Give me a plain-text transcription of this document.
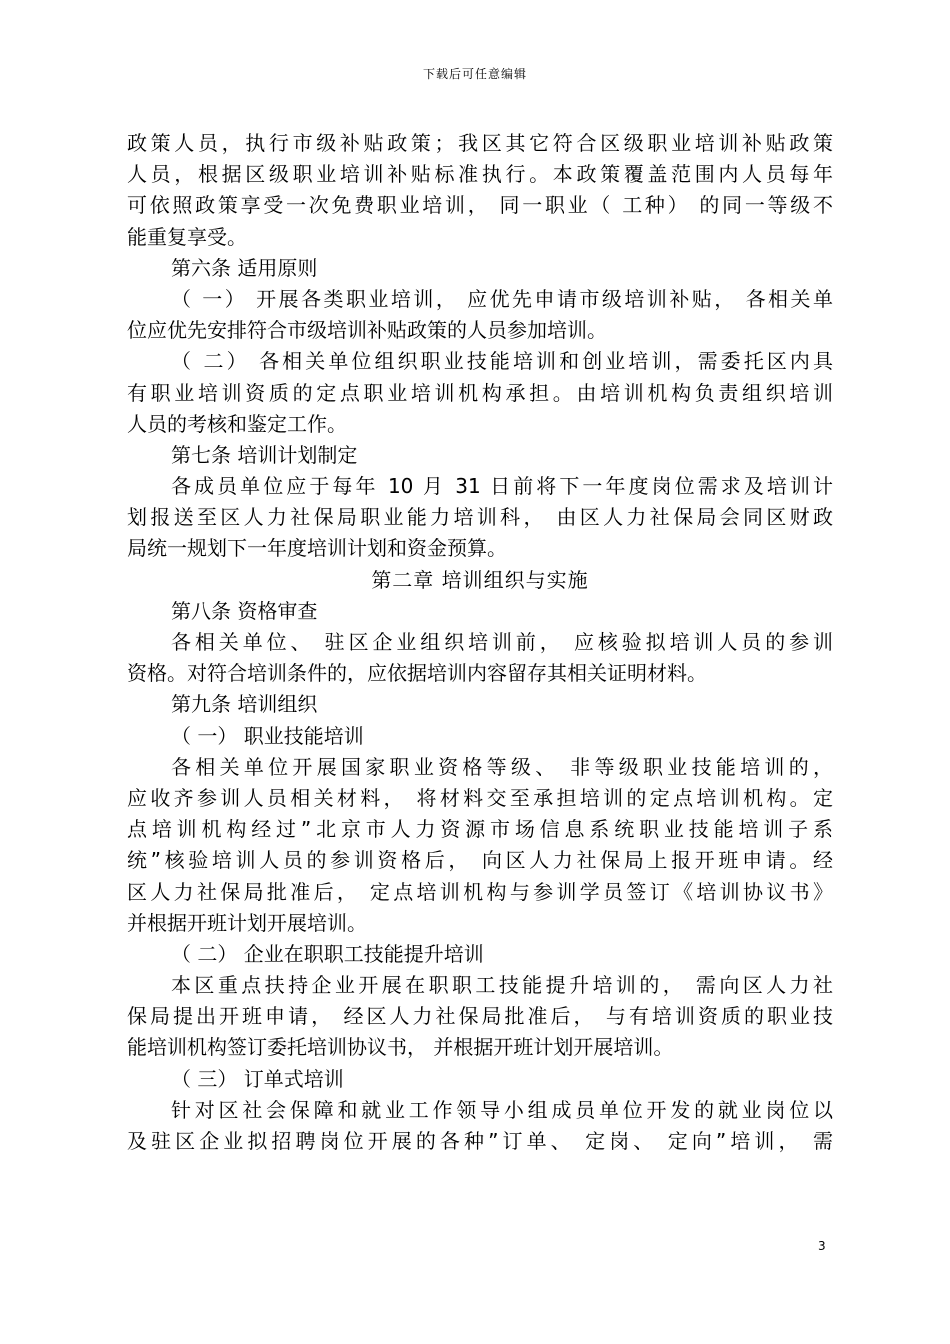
下载后可任意编辑
政策人员，执行市级补贴政策；我区其它符合区级职业培训补贴政策
人员，根据区级职业培训补贴标准执行。本政策覆盖范围内人员每年
可依照政策享受一次免费职业培训， 同一职业（ 工种） 的同一等级不
能重复享受。
第六条 适用原则
（ 一） 开展各类职业培训， 应优先申请市级培训补贴， 各相关单
位应优先安排符合市级培训补贴政策的人员参加培训。
（ 二） 各相关单位组织职业技能培训和创业培训，需委托区内具
有职业培训资质的定点职业培训机构承担。由培训机构负责组织培训
人员的考核和鉴定工作。
第七条 培训计划制定
各成员单位应于每年 10 月 31 日前将下一年度岗位需求及培训计
划报送至区人力社保局职业能力培训科， 由区人力社保局会同区财政
局统一规划下一年度培训计划和资金预算。
第二章 培训组织与实施
第八条 资格审查
各相关单位、 驻区企业组织培训前， 应核验拟培训人员的参训
资格。对符合培训条件的，应依据培训内容留存其相关证明材料。
第九条 培训组织
（ 一） 职业技能培训
各相关单位开展国家职业资格等级、 非等级职业技能培训的，
应收齐参训人员相关材料， 将材料交至承担培训的定点培训机构。定
点培训机构经过”北京市人力资源市场信息系统职业技能培训子系
统”核验培训人员的参训资格后， 向区人力社保局上报开班申请。经
区人力社保局批准后， 定点培训机构与参训学员签订《培训协议书》
并根据开班计划开展培训。
（ 二） 企业在职职工技能提升培训
本区重点扶持企业开展在职职工技能提升培训的， 需向区人力社
保局提出开班申请， 经区人力社保局批准后， 与有培训资质的职业技
能培训机构签订委托培训协议书， 并根据开班计划开展培训。
（ 三） 订单式培训
针对区社会保障和就业工作领导小组成员单位开发的就业岗位以
及驻区企业拟招聘岗位开展的各种”订单、 定岗、 定向”培训， 需
3
